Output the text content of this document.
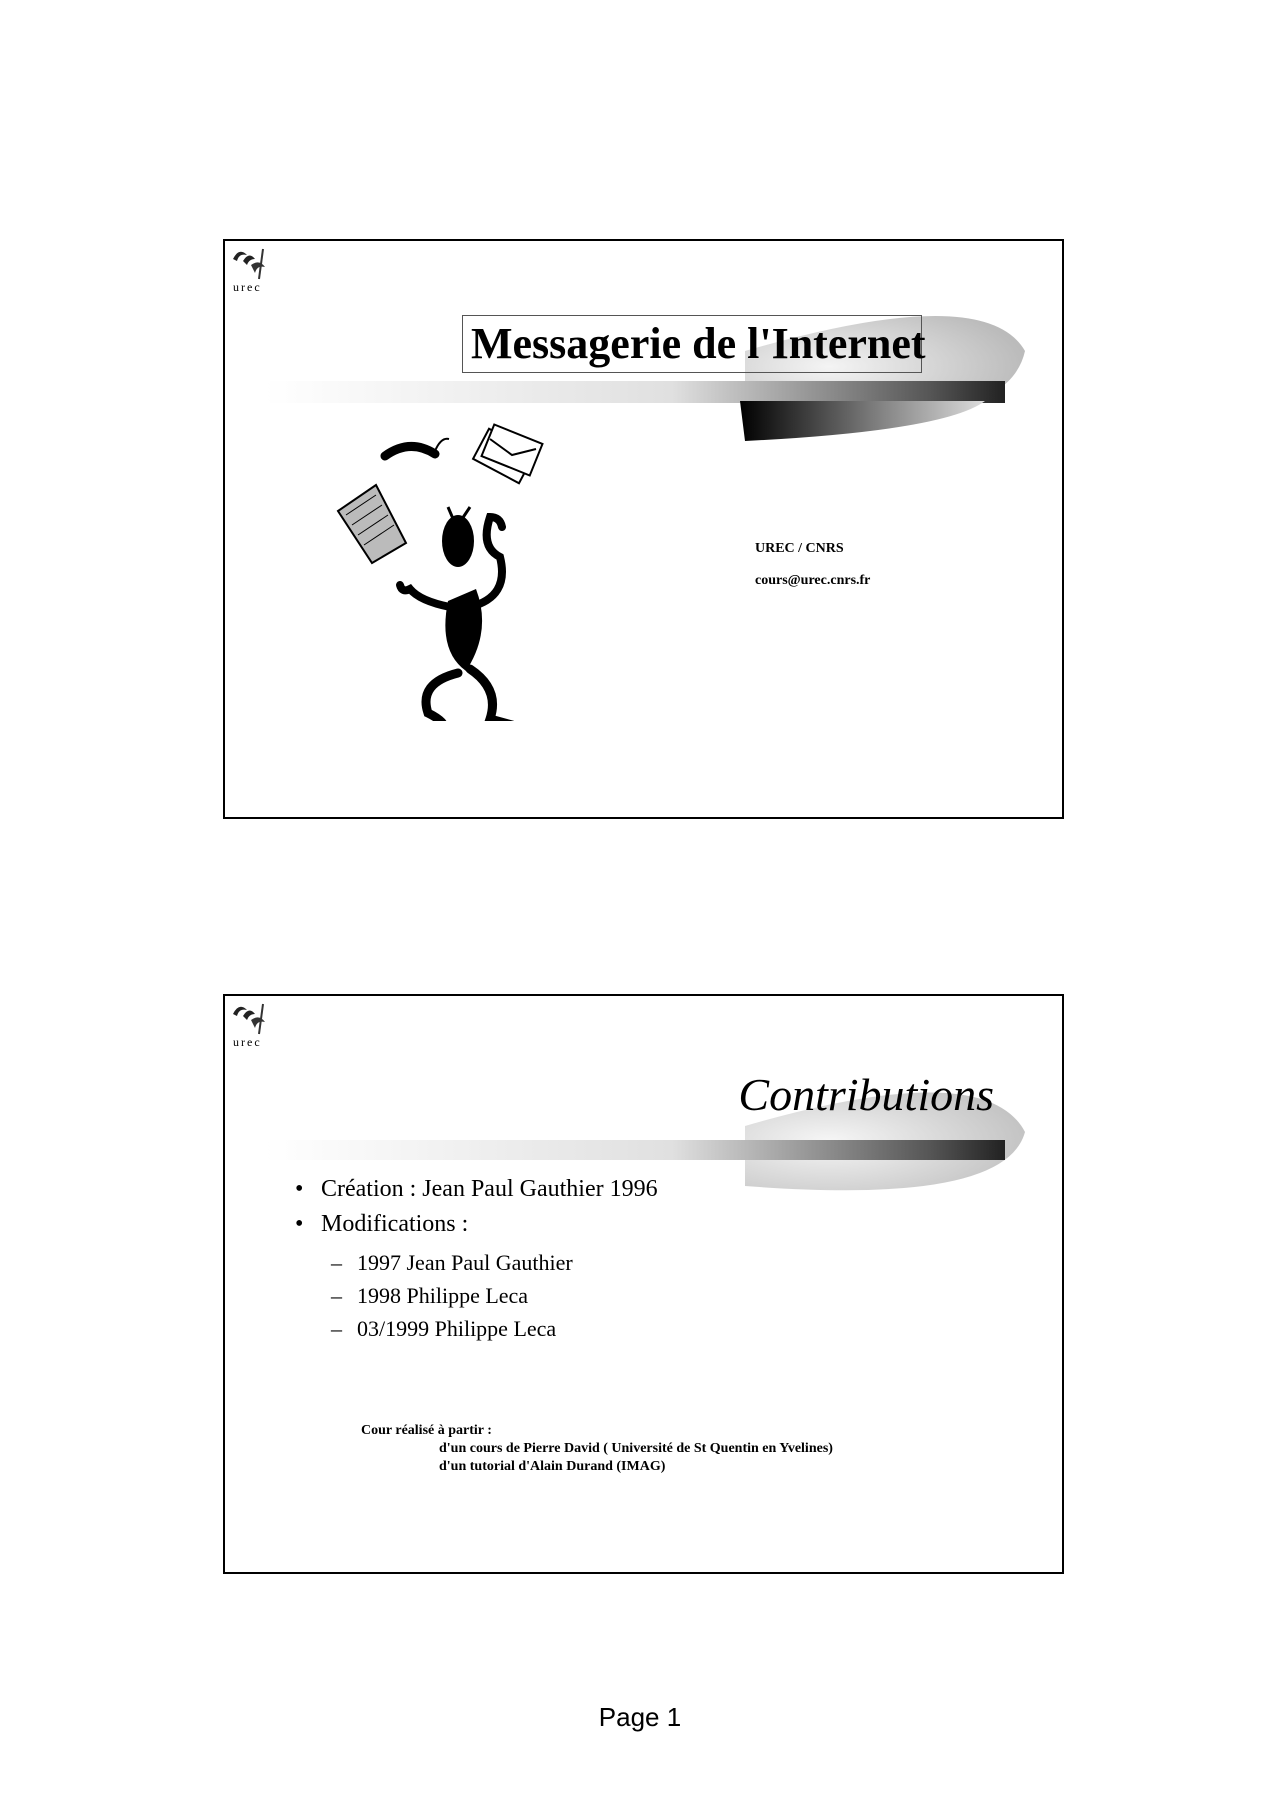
urec
Messagerie de l'Internet
UREC / CNRS
cours@urec.cnrs.fr
urec
Contributions
• Création : Jean Paul Gauthier 1996
• Modifications :
– 1997 Jean Paul Gauthier
– 1998 Philippe Leca
– 03/1999 Philippe Leca
Cour réalisé à partir :
d'un cours de Pierre David ( Université de St Quentin en Yvelines)
d'un tutorial d'Alain Durand (IMAG)
Page 1
